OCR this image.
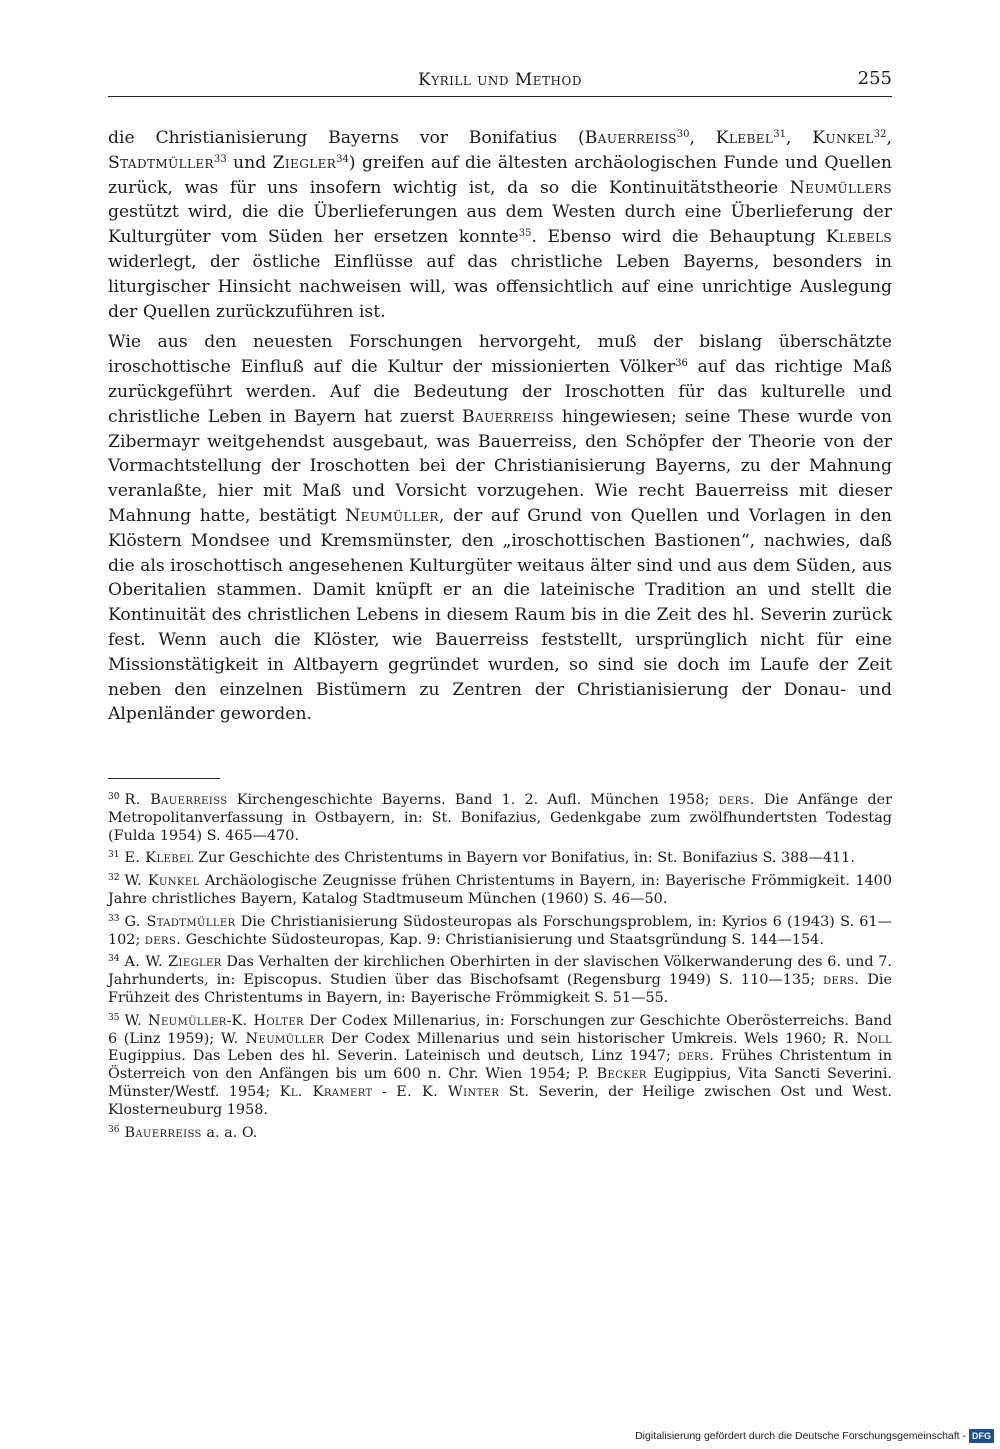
Kyrill und Method	255

die Christianisierung Bayerns vor Bonifatius (Bauerreiss$^{30}$, Klebel$^{31}$, Kunkel$^{32}$, Stadtmüller$^{33}$ und Ziegler$^{34}$) greifen auf die ältesten archäologischen Funde und Quellen zurück, was für uns insofern wichtig ist, da so die Kontinuitätstheorie Neumüllers gestützt wird, die die Überlieferungen aus dem Westen durch eine Überlieferung der Kulturgüter vom Süden her ersetzen konnte$^{35}$. Ebenso wird die Behauptung Klebels widerlegt, der östliche Einflüsse auf das christliche Leben Bayerns, besonders in liturgischer Hinsicht nachweisen will, was offensichtlich auf eine unrichtige Auslegung der Quellen zurückzuführen ist.

Wie aus den neuesten Forschungen hervorgeht, muß der bislang überschätzte iroschottische Einfluß auf die Kultur der missionierten Völker$^{36}$ auf das richtige Maß zurückgeführt werden. Auf die Bedeutung der Iroschotten für das kulturelle und christliche Leben in Bayern hat zuerst Bauerreiss hingewiesen; seine These wurde von Zibermayr weitgehendst ausgebaut, was Bauerreiss, den Schöpfer der Theorie von der Vormachtstellung der Iroschotten bei der Christianisierung Bayerns, zu der Mahnung veranlaßte, hier mit Maß und Vorsicht vorzugehen. Wie recht Bauerreiss mit dieser Mahnung hatte, bestätigt Neumüller, der auf Grund von Quellen und Vorlagen in den Klöstern Mondsee und Kremsmünster, den „iroschottischen Bastionen“, nachwies, daß die als iroschottisch angesehenen Kulturgüter weitaus älter sind und aus dem Süden, aus Oberitalien stammen. Damit knüpft er an die lateinische Tradition an und stellt die Kontinuität des christlichen Lebens in diesem Raum bis in die Zeit des hl. Severin zurück fest. Wenn auch die Klöster, wie Bauerreiss feststellt, ursprünglich nicht für eine Missionstätigkeit in Altbayern gegründet wurden, so sind sie doch im Laufe der Zeit neben den einzelnen Bistümern zu Zentren der Christianisierung der Donau- und Alpenländer geworden.

$^{30}$ R. Bauerreiss Kirchengeschichte Bayerns. Band 1. 2. Aufl. München 1958; ders. Die Anfänge der Metropolitanverfassung in Ostbayern, in: St. Bonifazius, Gedenkgabe zum zwölfhundertsten Todestag (Fulda 1954) S. 465—470.

$^{31}$ E. Klebel Zur Geschichte des Christentums in Bayern vor Bonifatius, in: St. Bonifazius S. 388—411.

$^{32}$ W. Kunkel Archäologische Zeugnisse frühen Christentums in Bayern, in: Bayerische Frömmigkeit. 1400 Jahre christliches Bayern, Katalog Stadtmuseum München (1960) S. 46—50.

$^{33}$ G. Stadtmüller Die Christianisierung Südosteuropas als Forschungsproblem, in: Kyrios 6 (1943) S. 61—102; ders. Geschichte Südosteuropas, Kap. 9: Christianisierung und Staatsgründung S. 144—154.

$^{34}$ A. W. Ziegler Das Verhalten der kirchlichen Oberhirten in der slavischen Völkerwanderung des 6. und 7. Jahrhunderts, in: Episcopus. Studien über das Bischofsamt (Regensburg 1949) S. 110—135; ders. Die Frühzeit des Christentums in Bayern, in: Bayerische Frömmigkeit S. 51—55.

$^{35}$ W. Neumüller-K. Holter Der Codex Millenarius, in: Forschungen zur Geschichte Oberösterreichs. Band 6 (Linz 1959); W. Neumüller Der Codex Millenarius und sein historischer Umkreis. Wels 1960; R. Noll Eugippius. Das Leben des hl. Severin. Lateinisch und deutsch, Linz 1947; ders. Frühes Christentum in Österreich von den Anfängen bis um 600 n. Chr. Wien 1954; P. Becker Eugippius, Vita Sancti Severini. Münster/Westf. 1954; Kl. Kramert - E. K. Winter St. Severin, der Heilige zwischen Ost und West. Klosterneuburg 1958.

$^{36}$ Bauerreiss a. a. O.

Digitalisierung gefördert durch die Deutsche Forschungsgemeinschaft - DFG
